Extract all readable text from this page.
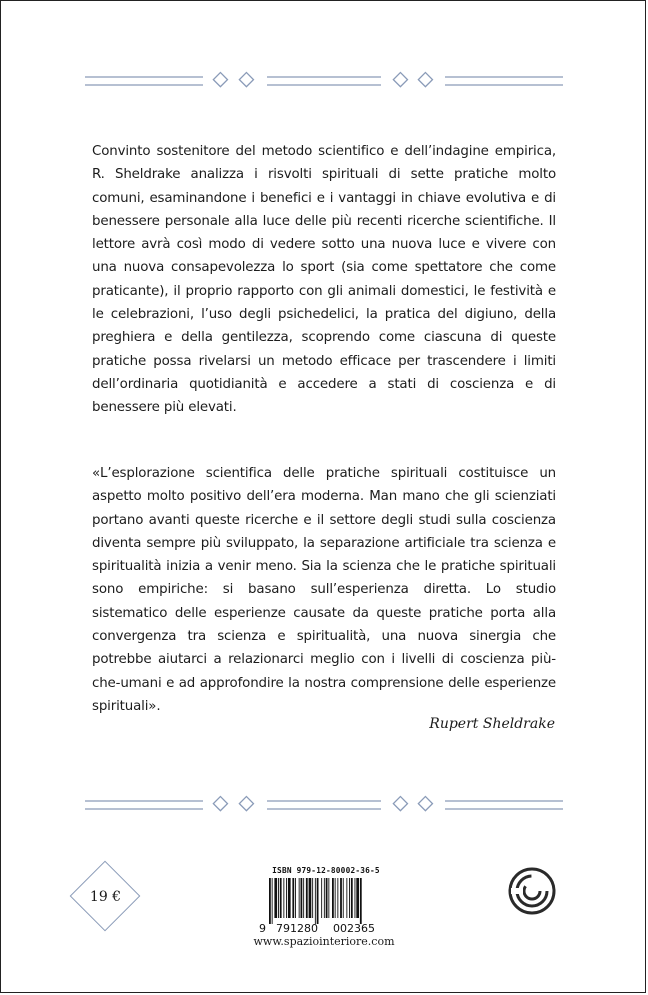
Convinto sostenitore del metodo scientifico e dell’indagine empirica, R. Sheldrake analizza i risvolti spirituali di sette pratiche molto comuni, esaminandone i benefici e i vantaggi in chiave evolutiva e di benessere personale alla luce delle più recenti ricerche scientifiche. Il lettore avrà così modo di vedere sotto una nuova luce e vivere con una nuova consapevolezza lo sport (sia come spettatore che come praticante), il proprio rapporto con gli animali domestici, le festività e le celebrazioni, l’uso degli psichedelici, la pratica del digiuno, della preghiera e della gentilezza, scoprendo come ciascuna di queste pratiche possa rivelarsi un metodo efficace per trascendere i limiti dell’ordinaria quotidianità e accedere a stati di coscienza e di benessere più elevati.
«L’esplorazione scientifica delle pratiche spirituali costituisce un aspetto molto positivo dell’era moderna. Man mano che gli scienziati portano avanti queste ricerche e il settore degli studi sulla coscienza diventa sempre più sviluppato, la separazione artificiale tra scienza e spiritualità inizia a venir meno. Sia la scienza che le pratiche spirituali sono empiriche: si basano sull’esperienza diretta. Lo studio sistematico delle esperienze causate da queste pratiche porta alla convergenza tra scienza e spiritualità, una nuova sinergia che potrebbe aiutarci a relazionarci meglio con i livelli di coscienza più-che-umani e ad approfondire la nostra comprensione delle esperienze spirituali».
Rupert Sheldrake
19 €
ISBN 979-12-80002-36-5
9 791280 002365
www.spaziointeriore.com
